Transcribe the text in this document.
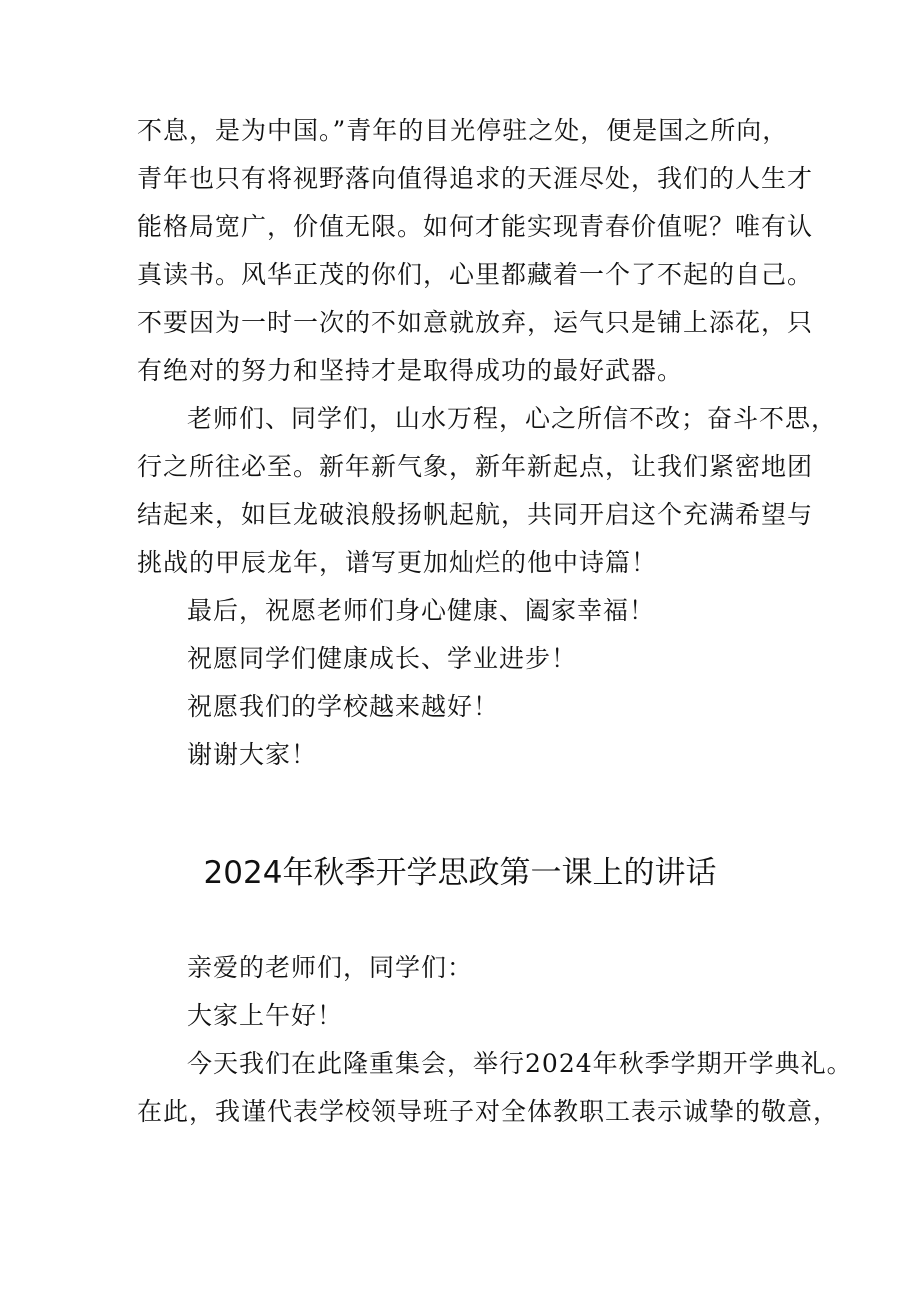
不息，是为中国。”青年的目光停驻之处，便是国之所向，
青年也只有将视野落向值得追求的天涯尽处，我们的人生才
能格局宽广，价值无限。如何才能实现青春价值呢？唯有认
真读书。风华正茂的你们，心里都藏着一个了不起的自己。
不要因为一时一次的不如意就放弃，运气只是铺上添花，只
有绝对的努力和坚持才是取得成功的最好武器。
老师们、同学们，山水万程，心之所信不改；奋斗不思，
行之所往必至。新年新气象，新年新起点，让我们紧密地团
结起来，如巨龙破浪般扬帆起航，共同开启这个充满希望与
挑战的甲辰龙年，谱写更加灿烂的他中诗篇！
最后，祝愿老师们身心健康、阖家幸福！
祝愿同学们健康成长、学业进步！
祝愿我们的学校越来越好！
谢谢大家！
2024年秋季开学思政第一课上的讲话
亲爱的老师们，同学们：
大家上午好！
今天我们在此隆重集会，举行2024年秋季学期开学典礼。
在此，我谨代表学校领导班子对全体教职工表示诚挚的敬意，
